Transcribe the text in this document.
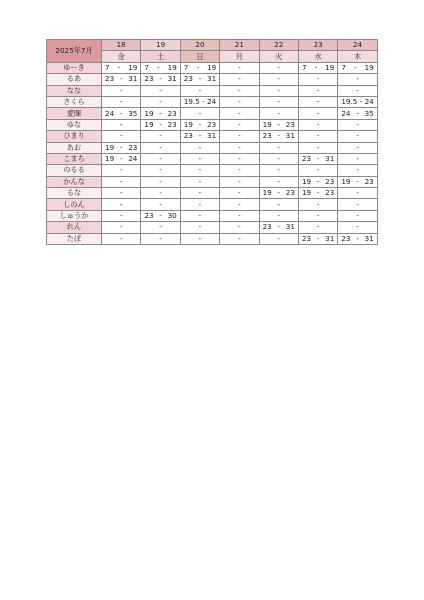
2025年7月	18	19	20	21	22	23	24
	金	土	日	月	火	水	木
ゆーき	7 - 19	7 - 19	7 - 19	-	-	7 - 19	7 - 19

るあ	23 - 31	23 - 31	23 - 31	-	-	-	-
なな	-	-	-	-	-	-	-
さくら	-	-	19.5 - 24	-	-	-	19.5 - 24

愛暉	24 - 35	19 - 23	-	-	-	-	24 - 35

ゆな	-	19 - 23	19 - 23	-	19 - 23	-	-
ひまり	-	-	23 - 31	-	23 - 31	-	-
あお	19 - 23	-	-	-	-	-	-
こまち	19 - 24	-	-	-	-	23 - 31	-
のるる	-	-	-	-	-	-	-
かんな	-	-	-	-	-	19 - 23	19 - 23

るな	-	-	-	-	19 - 23	19 - 23	-
しのん	-	-	-	-	-	-	-
しゅうか	-	23 - 30	-	-	-	-	-
れん	-	-	-	-	23 - 31	-	-
たぼ	-	-	-	-	-	23 - 31	23 - 31
